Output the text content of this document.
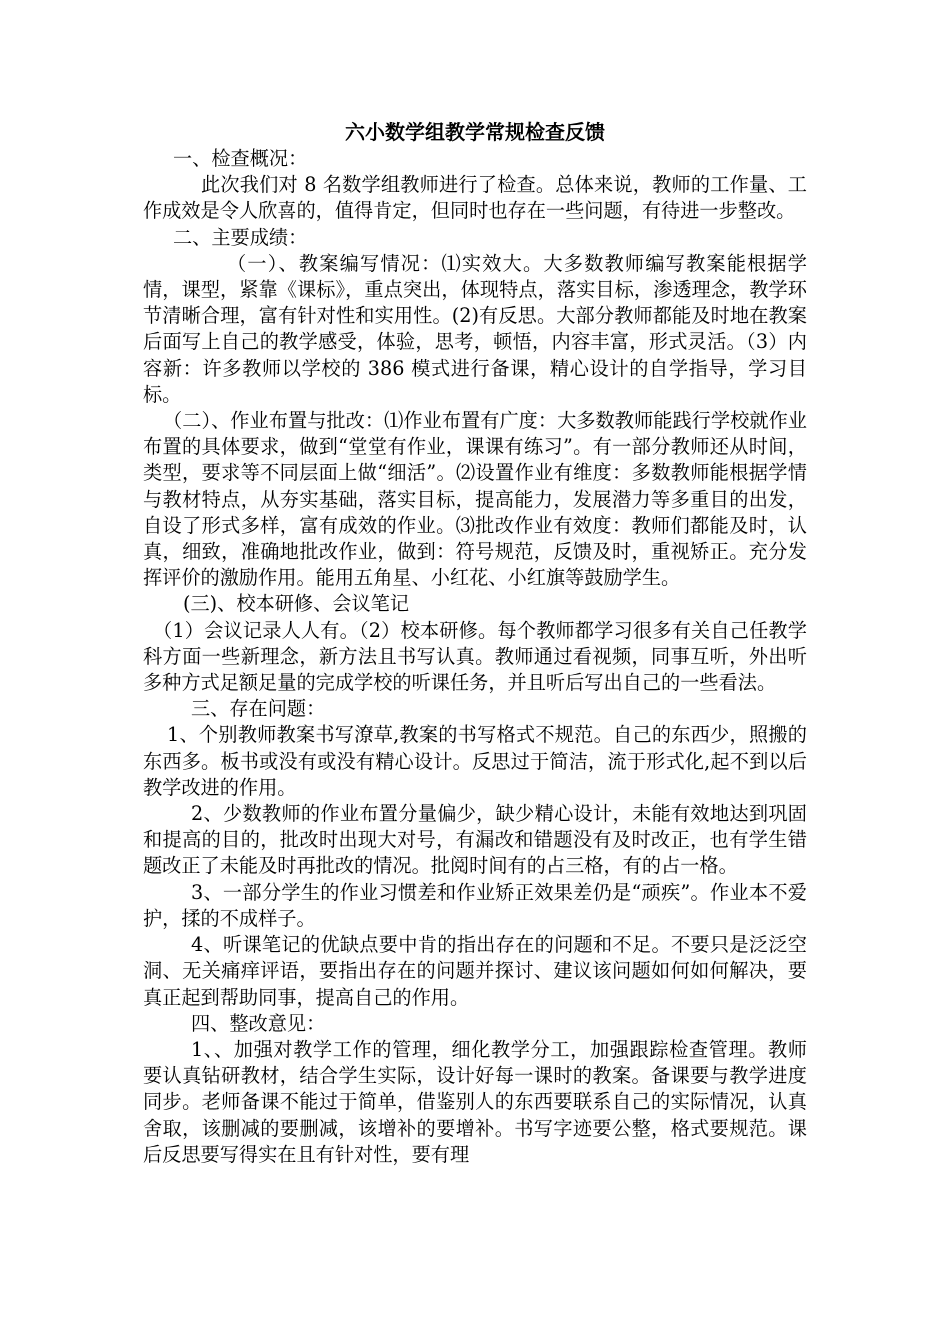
六小数学组教学常规检查反馈

一、检查概况：

此次我们对 8 名数学组教师进行了检查。总体来说，教师的工作量、工作成效是令人欣喜的，值得肯定，但同时也存在一些问题，有待进一步整改。

二、主要成绩：

（一）、教案编写情况：⑴实效大。大多数教师编写教案能根据学情，课型，紧靠《课标》，重点突出，体现特点，落实目标，渗透理念，教学环节清晰合理，富有针对性和实用性。(2)有反思。大部分教师都能及时地在教案后面写上自己的教学感受，体验，思考，顿悟，内容丰富，形式灵活。（3）内容新：许多教师以学校的 386 模式进行备课，精心设计的自学指导，学习目标。

（二）、作业布置与批改：⑴作业布置有广度：大多数教师能践行学校就作业布置的具体要求，做到“堂堂有作业，课课有练习”。有一部分教师还从时间，类型，要求等不同层面上做“细活”。⑵设置作业有维度：多数教师能根据学情与教材特点，从夯实基础，落实目标，提高能力，发展潜力等多重目的出发，自设了形式多样，富有成效的作业。⑶批改作业有效度：教师们都能及时，认真，细致，准确地批改作业，做到：符号规范，反馈及时，重视矫正。充分发挥评价的激励作用。能用五角星、小红花、小红旗等鼓励学生。

(三)、校本研修、会议笔记

（1）会议记录人人有。（2）校本研修。每个教师都学习很多有关自己任教学科方面一些新理念，新方法且书写认真。教师通过看视频，同事互听，外出听多种方式足额足量的完成学校的听课任务，并且听后写出自己的一些看法。

三、存在问题：

1、个别教师教案书写潦草,教案的书写格式不规范。自己的东西少，照搬的东西多。板书或没有或没有精心设计。反思过于简洁，流于形式化,起不到以后教学改进的作用。

2、少数教师的作业布置分量偏少，缺少精心设计，未能有效地达到巩固和提高的目的，批改时出现大对号，有漏改和错题没有及时改正，也有学生错题改正了未能及时再批改的情况。批阅时间有的占三格，有的占一格。

3、一部分学生的作业习惯差和作业矫正效果差仍是“顽疾”。作业本不爱护，揉的不成样子。

4、听课笔记的优缺点要中肯的指出存在的问题和不足。不要只是泛泛空洞、无关痛痒评语，要指出存在的问题并探讨、建议该问题如何如何解决，要真正起到帮助同事，提高自己的作用。

四、整改意见：

1、、加强对教学工作的管理，细化教学分工，加强跟踪检查管理。教师要认真钻研教材，结合学生实际，设计好每一课时的教案。备课要与教学进度同步。老师备课不能过于简单，借鉴别人的东西要联系自己的实际情况，认真舍取，该删减的要删减，该增补的要增补。书写字迹要公整，格式要规范。课后反思要写得实在且有针对性，要有理
